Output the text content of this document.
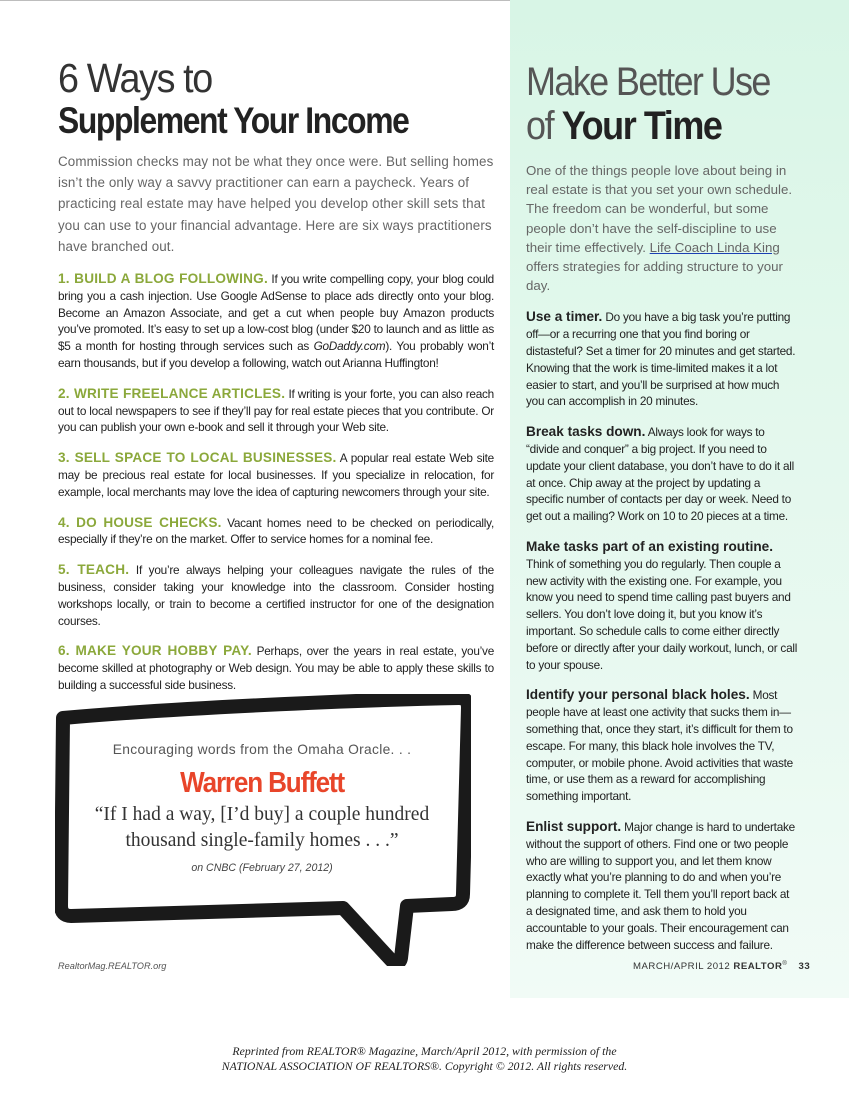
6 Ways to
Supplement Your Income
Commission checks may not be what they once were. But selling homes isn’t the only way a savvy practitioner can earn a paycheck. Years of practicing real estate may have helped you develop other skill sets that you can use to your financial advantage. Here are six ways practitioners have branched out.
1. BUILD A BLOG FOLLOWING. If you write compelling copy, your blog could bring you a cash injection. Use Google AdSense to place ads directly onto your blog. Become an Amazon Associate, and get a cut when people buy Amazon products you’ve promoted. It’s easy to set up a low-cost blog (under $20 to launch and as little as $5 a month for hosting through services such as GoDaddy.com). You probably won’t earn thousands, but if you develop a following, watch out Arianna Huffington!
2. WRITE FREELANCE ARTICLES. If writing is your forte, you can also reach out to local newspapers to see if they’ll pay for real estate pieces that you contribute. Or you can publish your own e-book and sell it through your Web site.
3. SELL SPACE TO LOCAL BUSINESSES. A popular real estate Web site may be precious real estate for local businesses. If you specialize in relocation, for example, local merchants may love the idea of capturing newcomers through your site.
4. DO HOUSE CHECKS. Vacant homes need to be checked on periodically, especially if they’re on the market. Offer to service homes for a nominal fee.
5. TEACH. If you’re always helping your colleagues navigate the rules of the business, consider taking your knowledge into the classroom. Consider hosting workshops locally, or train to become a certified instructor for one of the designation courses.
6. MAKE YOUR HOBBY PAY. Perhaps, over the years in real estate, you’ve become skilled at photography or Web design. You may be able to apply these skills to building a successful side business.
Encouraging words from the Omaha Oracle. . .
Warren Buffett
“If I had a way, [I’d buy] a couple hundred
thousand single-family homes . . .”
on CNBC (February 27, 2012)
Make Better Use
of Your Time
One of the things people love about being in real estate is that you set your own schedule. The freedom can be wonderful, but some people don’t have the self-discipline to use their time effectively. Life Coach Linda King offers strategies for adding structure to your day.
Use a timer. Do you have a big task you’re putting off—or a recurring one that you find boring or distasteful? Set a timer for 20 minutes and get started. Knowing that the work is time-limited makes it a lot easier to start, and you’ll be surprised at how much you can accomplish in 20 minutes.
Break tasks down. Always look for ways to “divide and conquer” a big project. If you need to update your client database, you don’t have to do it all at once. Chip away at the project by updating a specific number of contacts per day or week. Need to get out a mailing? Work on 10 to 20 pieces at a time.
Make tasks part of an existing routine. Think of something you do regularly. Then couple a new activity with the existing one. For example, you know you need to spend time calling past buyers and sellers. You don’t love doing it, but you know it’s important. So schedule calls to come either directly before or directly after your daily workout, lunch, or call to your spouse.
Identify your personal black holes. Most people have at least one activity that sucks them in—something that, once they start, it’s difficult for them to escape. For many, this black hole involves the TV, computer, or mobile phone. Avoid activities that waste time, or use them as a reward for accomplishing something important.
Enlist support. Major change is hard to undertake without the support of others. Find one or two people who are willing to support you, and let them know exactly what you’re planning to do and when you’re planning to complete it. Tell them you’ll report back at a designated time, and ask them to hold you accountable to your goals. Their encouragement can make the difference between success and failure.
RealtorMag.REALTOR.org	MARCH/APRIL 2012 REALTOR® 33
Reprinted from REALTOR® Magazine, March/April 2012, with permission of the
NATIONAL ASSOCIATION OF REALTORS®. Copyright © 2012. All rights reserved.
